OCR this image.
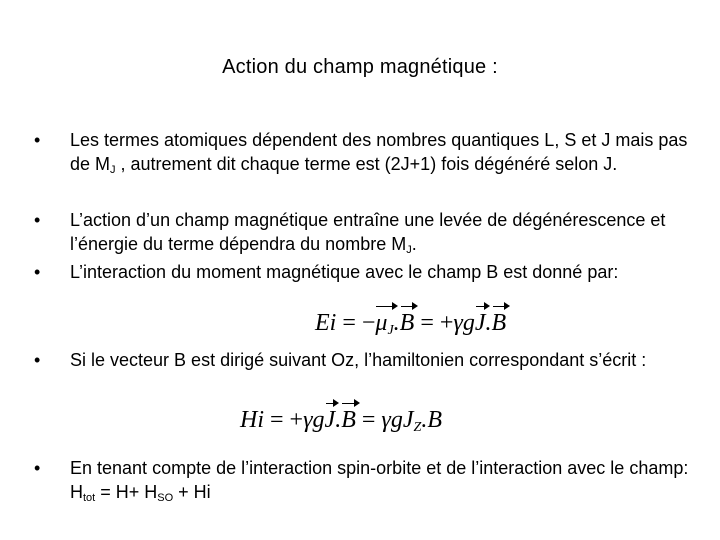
Action du champ magnétique :
•	Les termes atomiques dépendent des nombres quantiques L, S et J mais pas de $M_J$ , autrement dit chaque terme est (2J+1) fois dégénéré selon J.
•	L’action d’un champ magnétique entraîne une levée de dégénérescence et l’énergie du terme dépendra du nombre $M_J$.
•	L’interaction du moment magnétique avec le champ B est donné par:
$Ei = -\mu_J.B = +\gamma gJ.B$
•	Si le vecteur B est dirigé suivant Oz, l’hamiltonien correspondant s’écrit :
Hi = +γgJ.B = γgJ$_Z$.B
•	En tenant compte de l’interaction spin-orbite et de l’interaction avec le champ: $H_{tot} = H+ H_{SO} + Hi$
